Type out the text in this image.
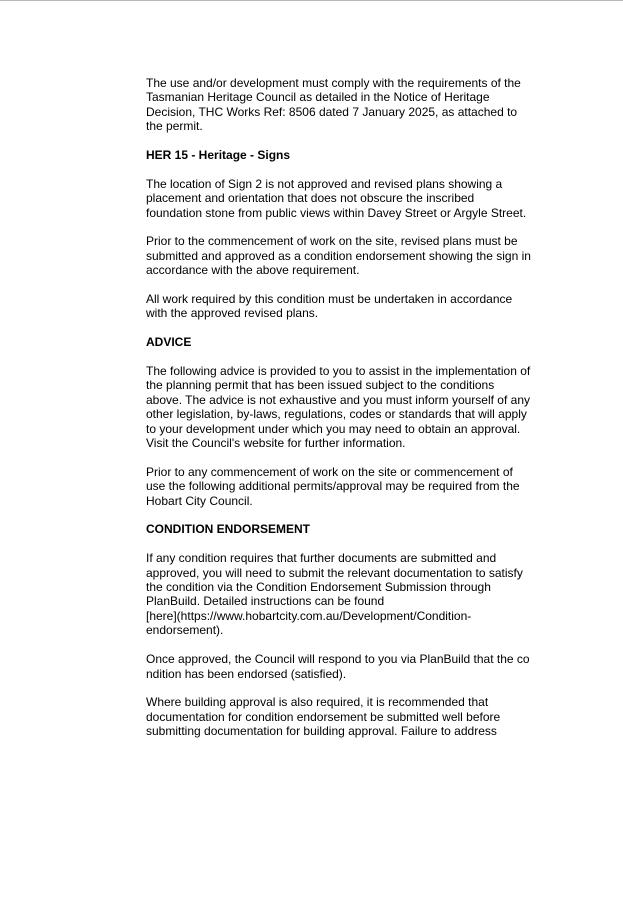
The use and/or development must comply with the requirements of the
Tasmanian Heritage Council as detailed in the Notice of Heritage
Decision, THC Works Ref: 8506 dated 7 January 2025, as attached to
the permit.
HER 15 - Heritage - Signs
The location of Sign 2 is not approved and revised plans showing a
placement and orientation that does not obscure the inscribed
foundation stone from public views within Davey Street or Argyle Street.
Prior to the commencement of work on the site, revised plans must be
submitted and approved as a condition endorsement showing the sign in
accordance with the above requirement.
All work required by this condition must be undertaken in accordance
with the approved revised plans.
ADVICE
The following advice is provided to you to assist in the implementation of
the planning permit that has been issued subject to the conditions
above. The advice is not exhaustive and you must inform yourself of any
other legislation, by-laws, regulations, codes or standards that will apply
to your development under which you may need to obtain an approval.
Visit the Council's website for further information.
Prior to any commencement of work on the site or commencement of
use the following additional permits/approval may be required from the
Hobart City Council.
CONDITION ENDORSEMENT
If any condition requires that further documents are submitted and
approved, you will need to submit the relevant documentation to satisfy
the condition via the Condition Endorsement Submission through
PlanBuild. Detailed instructions can be found
[here](https://www.hobartcity.com.au/Development/Condition-
endorsement).
Once approved, the Council will respond to you via PlanBuild that the co
ndition has been endorsed (satisfied).
Where building approval is also required, it is recommended that
documentation for condition endorsement be submitted well before
submitting documentation for building approval. Failure to address
